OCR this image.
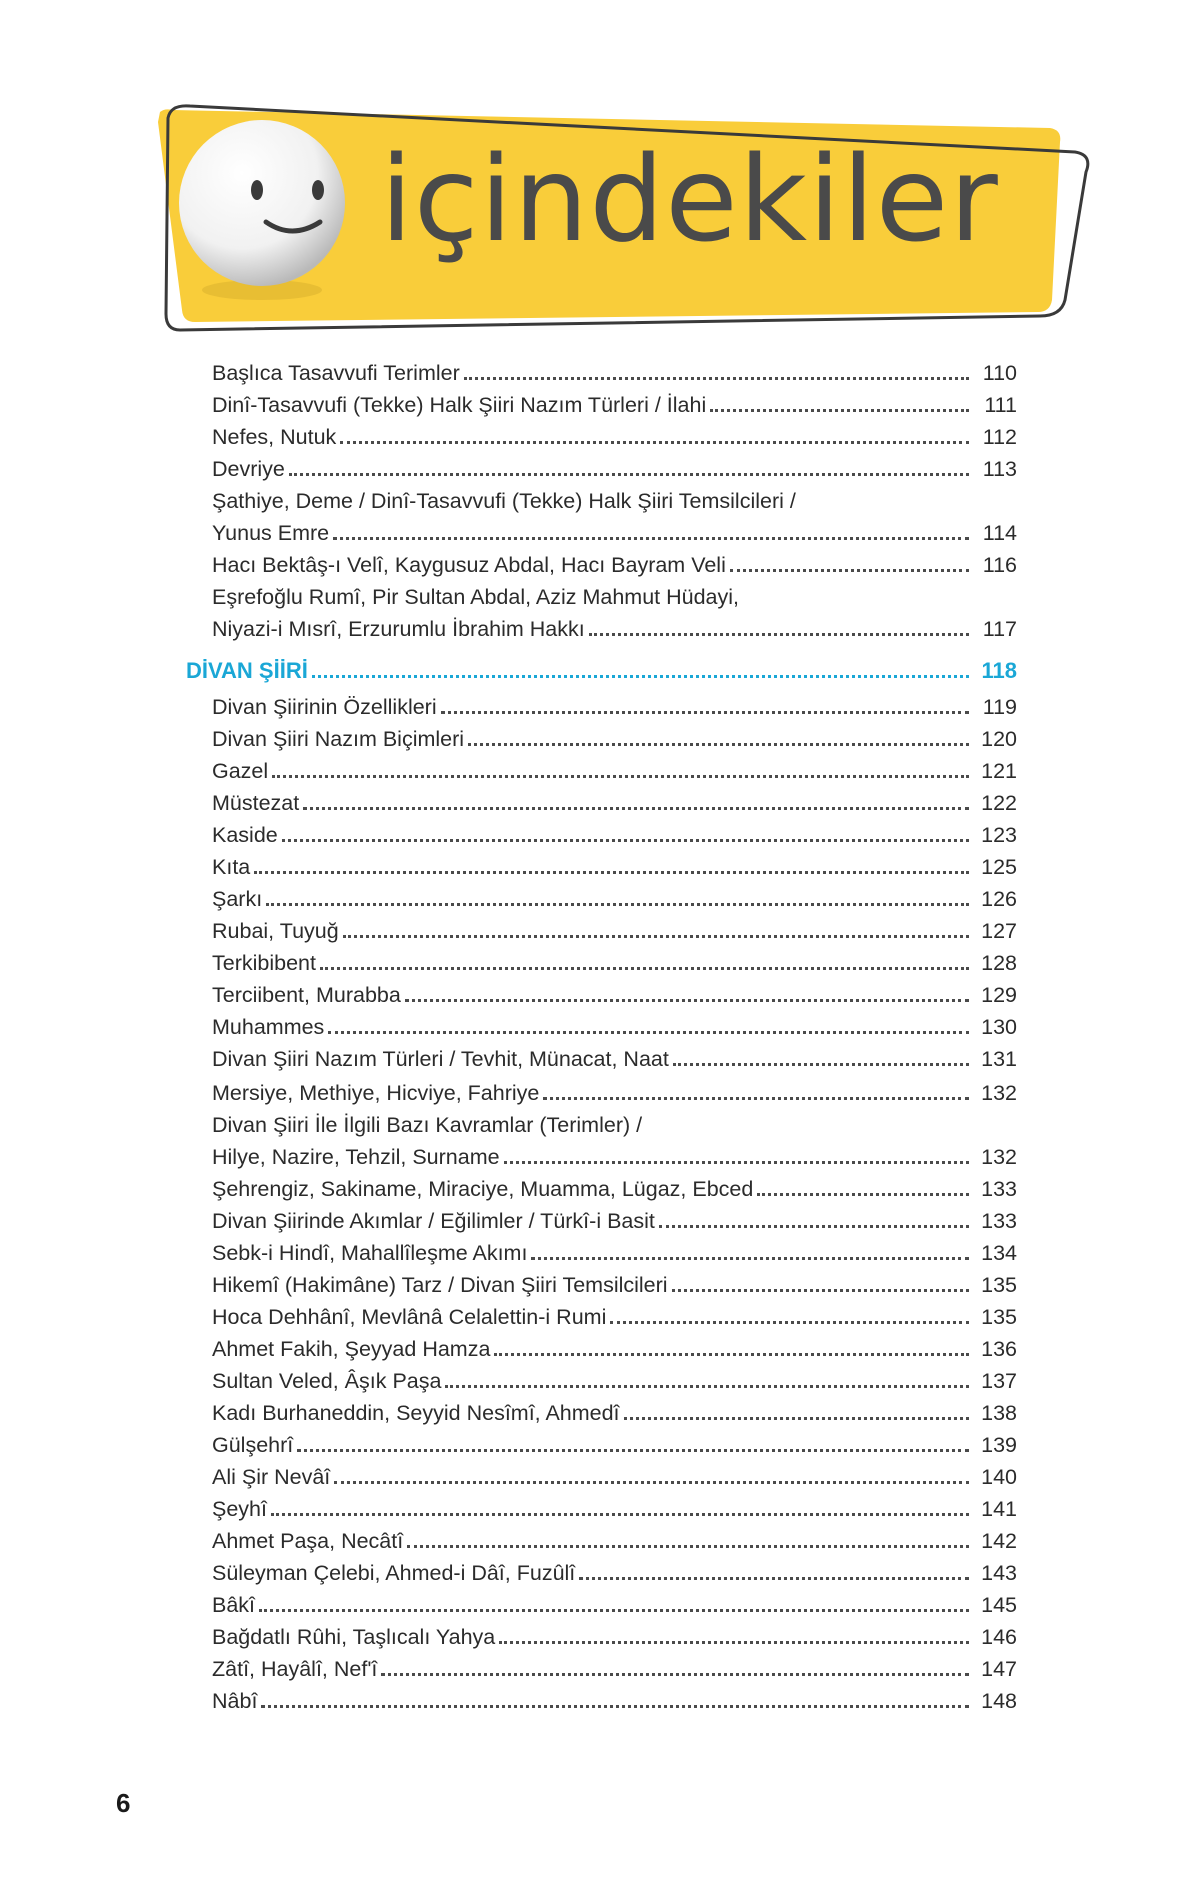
içindekiler
Başlıca Tasavvufi Terimler	110
Dinî-Tasavvufi (Tekke) Halk Şiiri Nazım Türleri / İlahi	111
Nefes, Nutuk	112
Devriye	113
Şathiye, Deme / Dinî-Tasavvufi (Tekke) Halk Şiiri Temsilcileri /
Yunus Emre	114
Hacı Bektâş-ı Velî, Kaygusuz Abdal, Hacı Bayram Veli	116
Eşrefoğlu Rumî, Pir Sultan Abdal, Aziz Mahmut Hüdayi,
Niyazi-i Mısrî, Erzurumlu İbrahim Hakkı	117
DİVAN ŞİİRİ	118
Divan Şiirinin Özellikleri	119
Divan Şiiri Nazım Biçimleri	120
Gazel	121
Müstezat	122
Kaside	123
Kıta	125
Şarkı	126
Rubai, Tuyuğ	127
Terkibibent	128
Terciibent, Murabba	129
Muhammes	130
Divan Şiiri Nazım Türleri / Tevhit, Münacat, Naat	131
Mersiye, Methiye, Hicviye, Fahriye	132
Divan Şiiri İle İlgili Bazı Kavramlar (Terimler) /
Hilye, Nazire, Tehzil, Surname	132
Şehrengiz, Sakiname, Miraciye, Muamma, Lügaz, Ebced	133
Divan Şiirinde Akımlar / Eğilimler / Türkî-i Basit	133
Sebk-i Hindî, Mahallîleşme Akımı	134
Hikemî (Hakimâne) Tarz / Divan Şiiri Temsilcileri	135
Hoca Dehhânî, Mevlânâ Celalettin-i Rumi	135
Ahmet Fakih, Şeyyad Hamza	136
Sultan Veled, Âşık Paşa	137
Kadı Burhaneddin, Seyyid Nesîmî, Ahmedî	138
Gülşehrî	139
Ali Şir Nevâî	140
Şeyhî	141
Ahmet Paşa, Necâtî	142
Süleyman Çelebi, Ahmed-i Dâî, Fuzûlî	143
Bâkî	145
Bağdatlı Rûhi, Taşlıcalı Yahya	146
Zâtî, Hayâlî, Nef'î	147
Nâbî	148
6
